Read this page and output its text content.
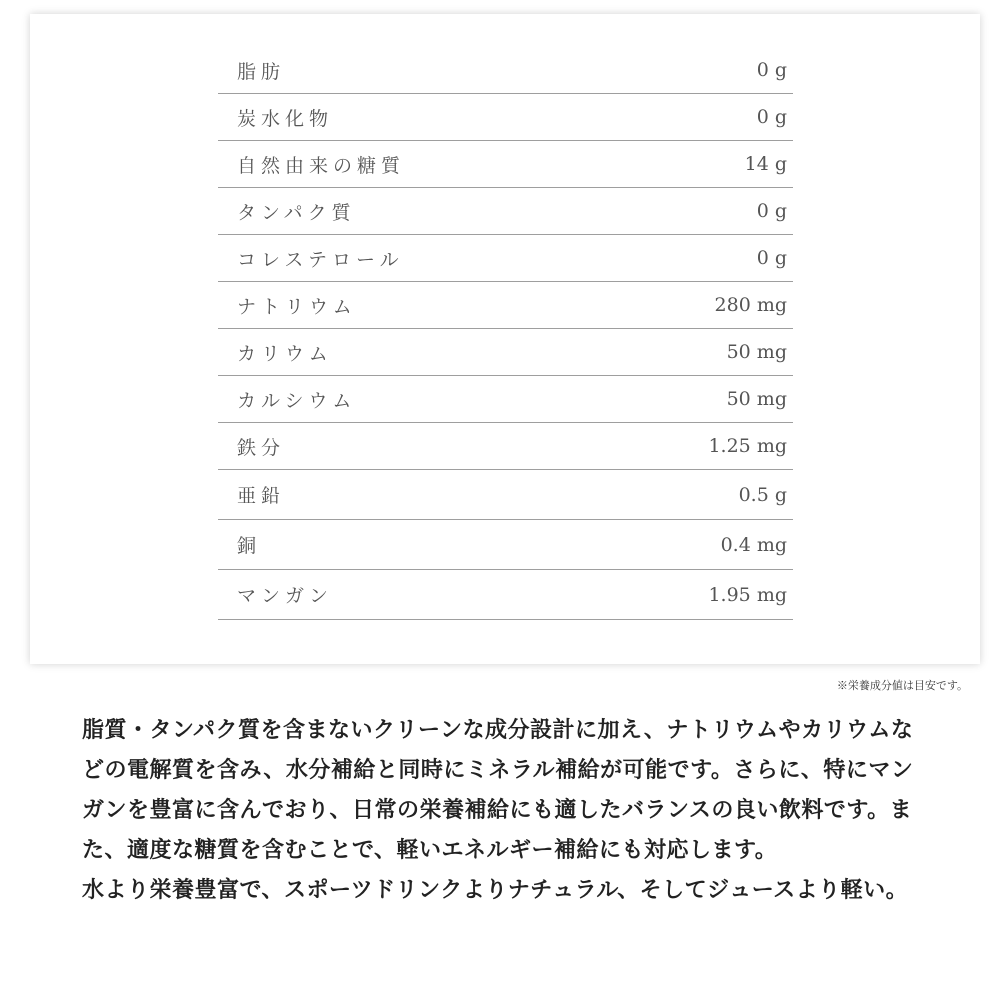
脂肪	0 g
炭水化物	0 g
自然由来の糖質	14 g
タンパク質	0 g
コレステロール	0 g
ナトリウム	280 mg
カリウム	50 mg
カルシウム	50 mg
鉄分	1.25 mg
亜鉛	0.5 g
銅	0.4 mg
マンガン	1.95 mg
※栄養成分値は目安です。

脂質・タンパク質を含まないクリーンな成分設計に加え、ナトリウムやカリウムなどの電解質を含み、水分補給と同時にミネラル補給が可能です。さらに、特にマンガンを豊富に含んでおり、日常の栄養補給にも適したバランスの良い飲料です。また、適度な糖質を含むことで、軽いエネルギー補給にも対応します。

水より栄養豊富で、スポーツドリンクよりナチュラル、そしてジュースより軽い。
